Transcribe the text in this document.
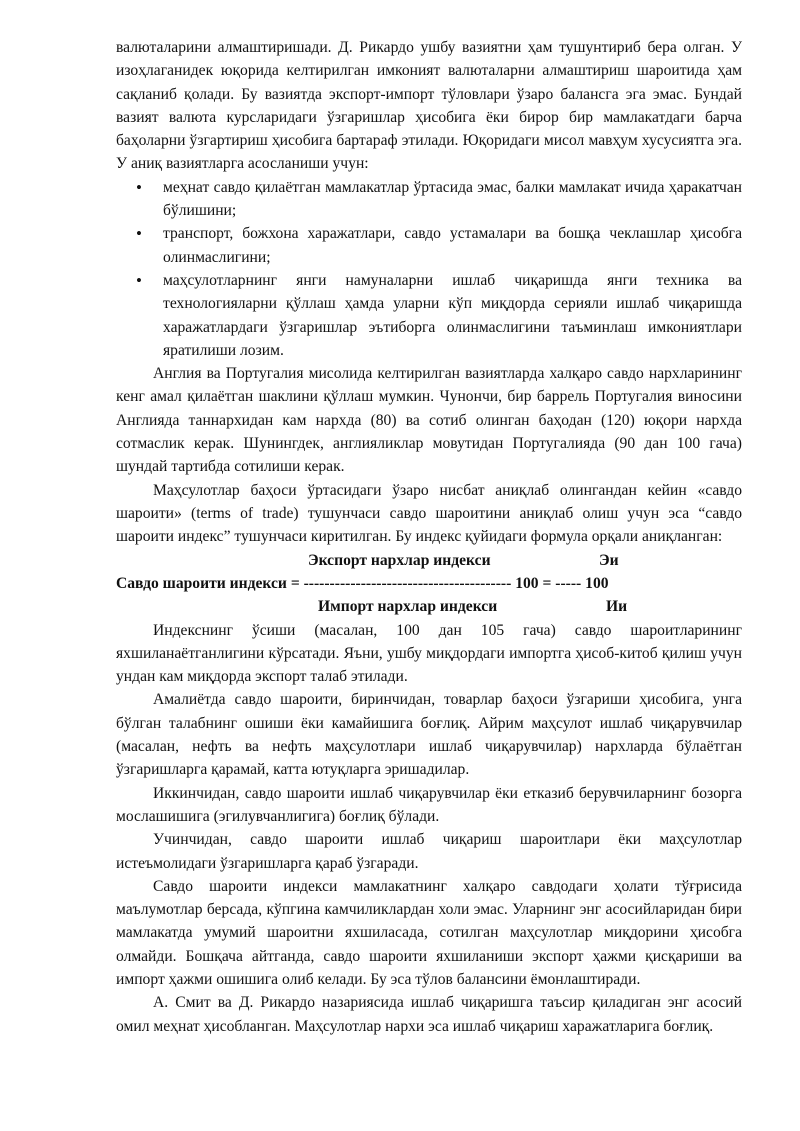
валюталарини алмаштиришади. Д. Рикардо ушбу вазиятни ҳам тушунтириб бера олган. У изоҳлаганидек юқорида келтирилган имконият валюталарни алмаштириш шароитида ҳам сақланиб қолади. Бу вазиятда экспорт-импорт тўловлари ўзаро балансга эга эмас. Бундай вазият валюта курсларидаги ўзгаришлар ҳисобига ёки бирор бир мамлакатдаги барча баҳоларни ўзгартириш ҳисобига бартараф этилади. Юқоридаги мисол мавҳум хусусиятга эга. У аниқ вазиятларга асосланиши учун:

• меҳнат савдо қилаётган мамлакатлар ўртасида эмас, балки мамлакат ичида ҳаракатчан бўлишини;
• транспорт, божхона харажатлари, савдо устамалари ва бошқа чеклашлар ҳисобга олинмаслигини;
• маҳсулотларнинг янги намуналарни ишлаб чиқаришда янги техника ва технологияларни қўллаш ҳамда уларни кўп миқдорда серияли ишлаб чиқаришда харажатлардаги ўзгаришлар эътиборга олинмаслигини таъминлаш имкониятлари яратилиши лозим.

Англия ва Португалия мисолида келтирилган вазиятларда халқаро савдо нархларининг кенг амал қилаётган шаклини қўллаш мумкин. Чунончи, бир баррель Португалия виносини Англияда таннархидан кам нархда (80) ва сотиб олинган баҳодан (120) юқори нархда сотмаслик керак. Шунингдек, англияликлар мовутидан Португалияда (90 дан 100 гача) шундай тартибда сотилиши керак.

Маҳсулотлар баҳоси ўртасидаги ўзаро нисбат аниқлаб олингандан кейин «савдо шароити» (terms of trade) тушунчаси савдо шароитини аниқлаб олиш учун эса “савдо шароити индекс” тушунчаси киритилган. Бу индекс қуйидаги формула орқали аниқланган:

Экспорт нархлар индекси	Эи
Савдо шароити индекси = ---------------------------------------- 100 = ----- 100
Импорт нархлар индекси	Ии

Индекснинг ўсиши (масалан, 100 дан 105 гача) савдо шароитларининг яхшиланаётганлигини кўрсатади. Яъни, ушбу миқдордаги импортга ҳисоб-китоб қилиш учун ундан кам миқдорда экспорт талаб этилади.

Амалиётда савдо шароити, биринчидан, товарлар баҳоси ўзгариши ҳисобига, унга бўлган талабнинг ошиши ёки камайишига боғлиқ. Айрим маҳсулот ишлаб чиқарувчилар (масалан, нефть ва нефть маҳсулотлари ишлаб чиқарувчилар) нархларда бўлаётган ўзгаришларга қарамай, катта ютуқларга эришадилар.

Иккинчидан, савдо шароити ишлаб чиқарувчилар ёки етказиб берувчиларнинг бозорга мослашишига (эгилувчанлигига) боғлиқ бўлади.

Учинчидан, савдо шароити ишлаб чиқариш шароитлари ёки маҳсулотлар истеъмолидаги ўзгаришларга қараб ўзгаради.

Савдо шароити индекси мамлакатнинг халқаро савдодаги ҳолати тўғрисида маълумотлар берсада, кўпгина камчиликлардан холи эмас. Уларнинг энг асосийларидан бири мамлакатда умумий шароитни яхшиласада, сотилган маҳсулотлар миқдорини ҳисобга олмайди. Бошқача айтганда, савдо шароити яхшиланиши экспорт ҳажми қисқариши ва импорт ҳажми ошишига олиб келади. Бу эса тўлов балансини ёмонлаштиради.

А. Смит ва Д. Рикардо назариясида ишлаб чиқаришга таъсир қиладиган энг асосий омил меҳнат ҳисобланган. Маҳсулотлар нархи эса ишлаб чиқариш харажатларига боғлиқ.
